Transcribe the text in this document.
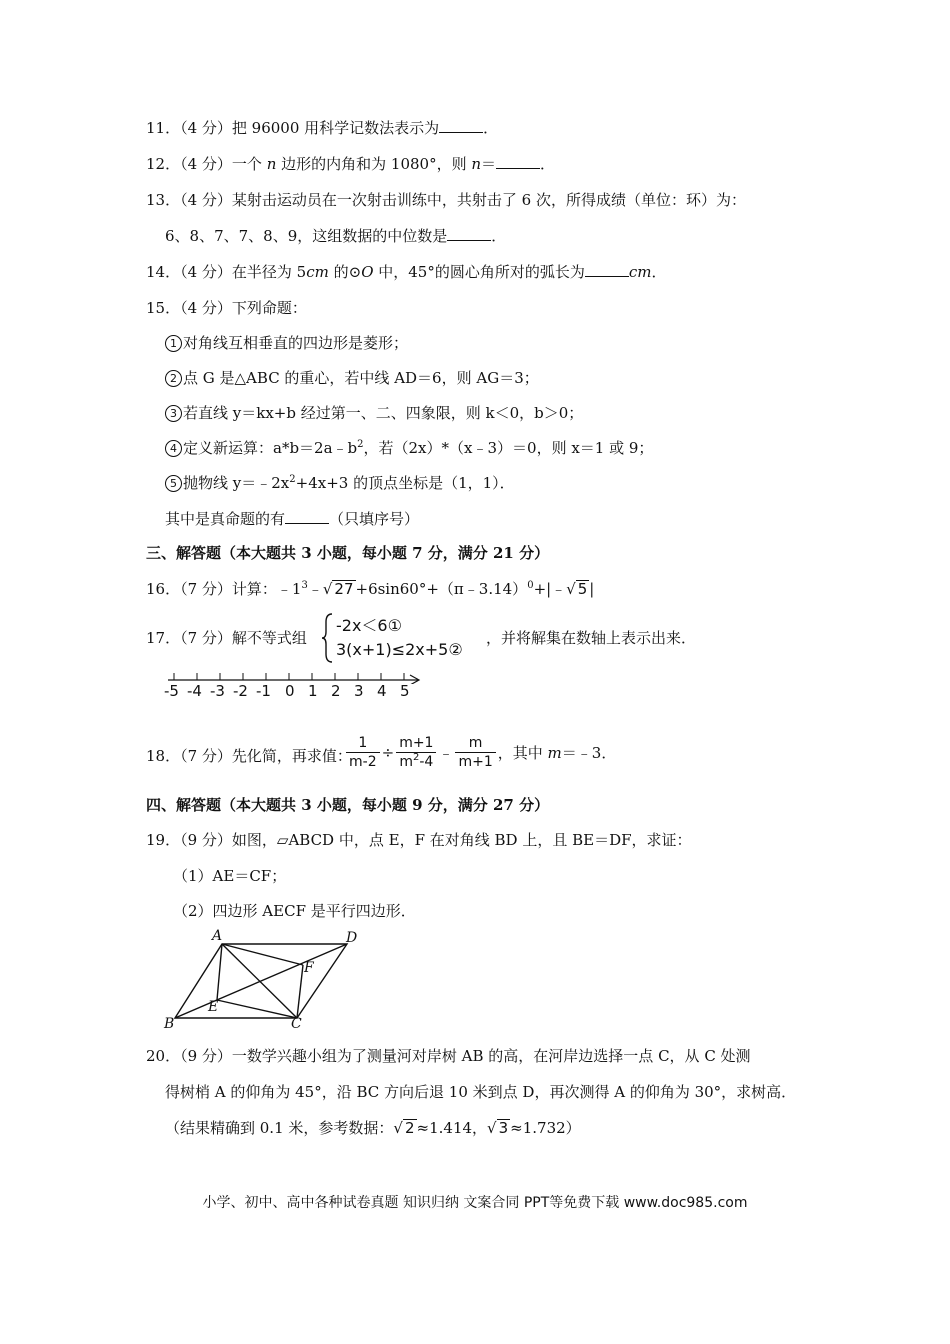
11．（4 分）把 96000 用科学记数法表示为	．
12．（4 分）一个 n 边形的内角和为 1080°，则 n＝	．
13．（4 分）某射击运动员在一次射击训练中，共射击了 6 次，所得成绩（单位：环）为：
6、8、7、7、8、9，这组数据的中位数是	．
14．（4 分）在半径为 5cm 的⊙O 中，45°的圆心角所对的弧长为	cm．
15．（4 分）下列命题：
1 对角线互相垂直的四边形是菱形；
2 点 G 是△ABC 的重心，若中线 AD＝6，则 AG＝3；
3 若直线 y＝kx+b 经过第一、二、四象限，则 k＜0，b＞0；
4 定义新运算：$a*b=2a﹣b^2$，若（2x）*（x﹣3）＝0，则 x＝1 或 9；
5 抛物线 $y=﹣2x^2+4x+3$ 的顶点坐标是（1，1）．
其中是真命题的有	（只填序号）
三、解答题（本大题共 3 小题，每小题 7 分，满分 21 分）
16．（7 分）计算：$﹣1^3﹣√$ 27 +6sin60°+（π﹣3.14）$^0$+|﹣√ 5 |
17．（7 分）解不等式组
-2x＜6①
3(x+1)≤2x+5②
，并将解集在数轴上表示出来．
-5 -4 -3 -2 -1 0 1 2 3 4 5
18．（7 分）先化简，再求值：
$\frac{1}{m-2} \div \frac{m+1}{m^2-4}$ ﹣ $\frac{m}{m+1}$ ，其中 m＝﹣3．
四、解答题（本大题共 3 小题，每小题 9 分，满分 27 分）
19．（9 分）如图，▱ABCD 中，点 E，F 在对角线 BD 上，且 BE＝DF，求证：
（1）AE＝CF；
（2）四边形 AECF 是平行四边形．
A	D
F
E
B	C
20．（9 分）一数学兴趣小组为了测量河对岸树 AB 的高，在河岸边选择一点 C，从 C 处测
得树梢 A 的仰角为 45°，沿 BC 方向后退 10 米到点 D，再次测得 A 的仰角为 30°，求树高．
（结果精确到 0.1 米，参考数据：√ 2 ≈1.414，√ 3 ≈1.732）
小学、初中、高中各种试卷真题 知识归纳 文案合同 PPT等免费下载 www.doc985.com
